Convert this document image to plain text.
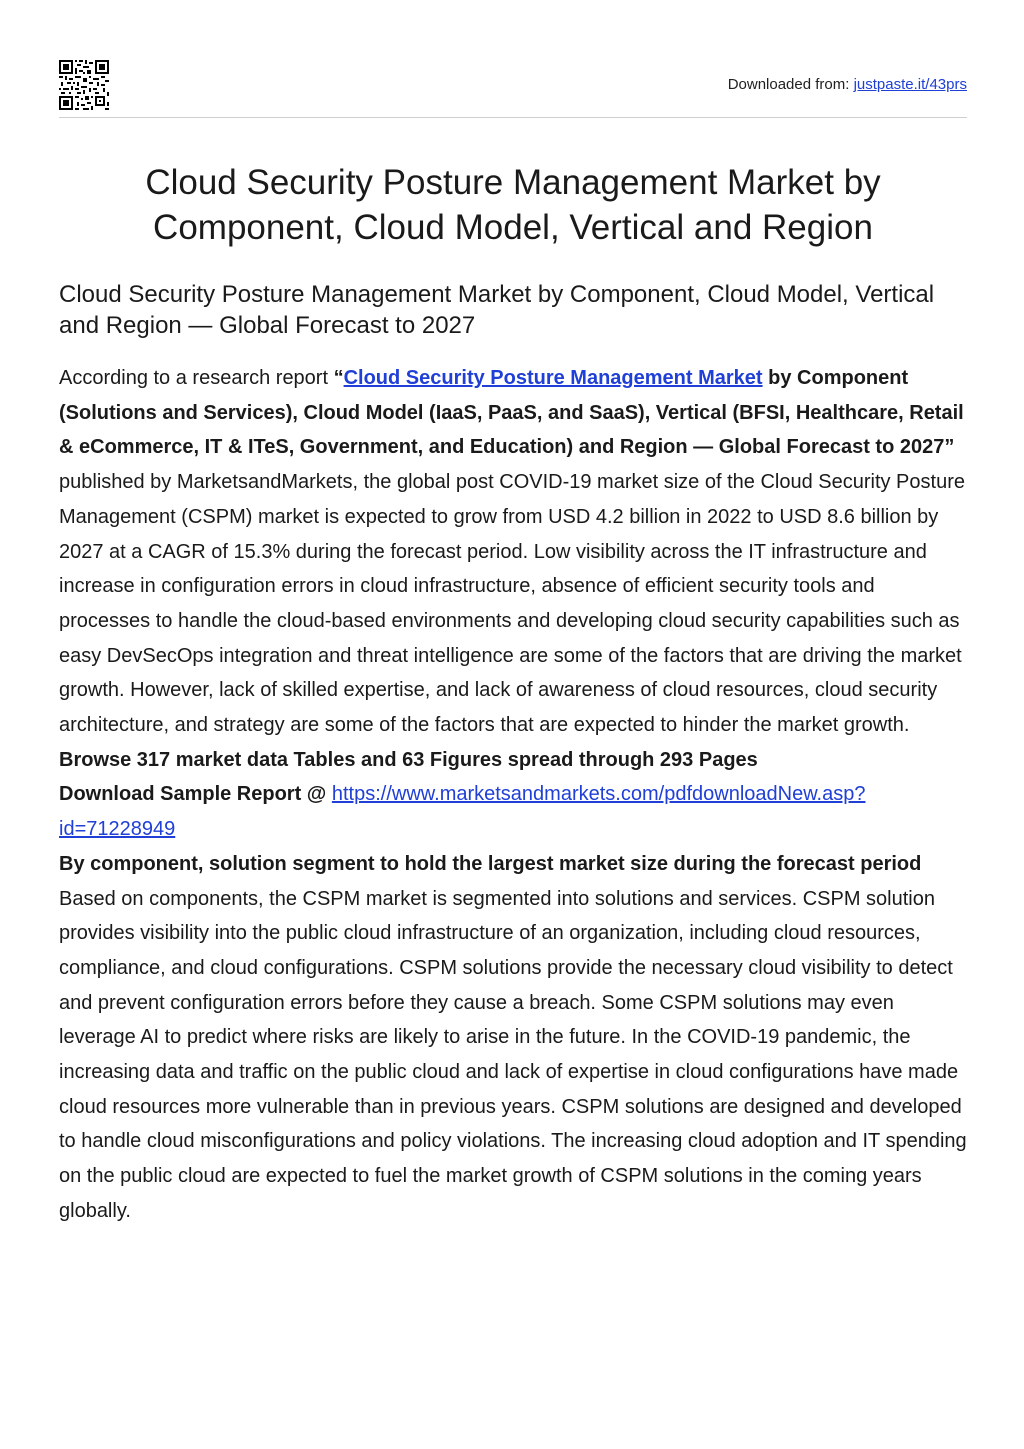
Downloaded from: justpaste.it/43prs
Cloud Security Posture Management Market by Component, Cloud Model, Vertical and Region
Cloud Security Posture Management Market by Component, Cloud Model, Vertical and Region — Global Forecast to 2027

According to a research report “Cloud Security Posture Management Market by Component (Solutions and Services), Cloud Model (IaaS, PaaS, and SaaS), Vertical (BFSI, Healthcare, Retail & eCommerce, IT & ITeS, Government, and Education) and Region — Global Forecast to 2027” published by MarketsandMarkets, the global post COVID-19 market size of the Cloud Security Posture Management (CSPM) market is expected to grow from USD 4.2 billion in 2022 to USD 8.6 billion by 2027 at a CAGR of 15.3% during the forecast period. Low visibility across the IT infrastructure and increase in configuration errors in cloud infrastructure, absence of efficient security tools and processes to handle the cloud-based environments and developing cloud security capabilities such as easy DevSecOps integration and threat intelligence are some of the factors that are driving the market growth. However, lack of skilled expertise, and lack of awareness of cloud resources, cloud security architecture, and strategy are some of the factors that are expected to hinder the market growth.

Browse 317 market data Tables and 63 Figures spread through 293 Pages

Download Sample Report @ https://www.marketsandmarkets.com/pdfdownloadNew.asp?id=71228949

By component, solution segment to hold the largest market size during the forecast period

Based on components, the CSPM market is segmented into solutions and services. CSPM solution provides visibility into the public cloud infrastructure of an organization, including cloud resources, compliance, and cloud configurations. CSPM solutions provide the necessary cloud visibility to detect and prevent configuration errors before they cause a breach. Some CSPM solutions may even leverage AI to predict where risks are likely to arise in the future. In the COVID-19 pandemic, the increasing data and traffic on the public cloud and lack of expertise in cloud configurations have made cloud resources more vulnerable than in previous years. CSPM solutions are designed and developed to handle cloud misconfigurations and policy violations. The increasing cloud adoption and IT spending on the public cloud are expected to fuel the market growth of CSPM solutions in the coming years globally.
